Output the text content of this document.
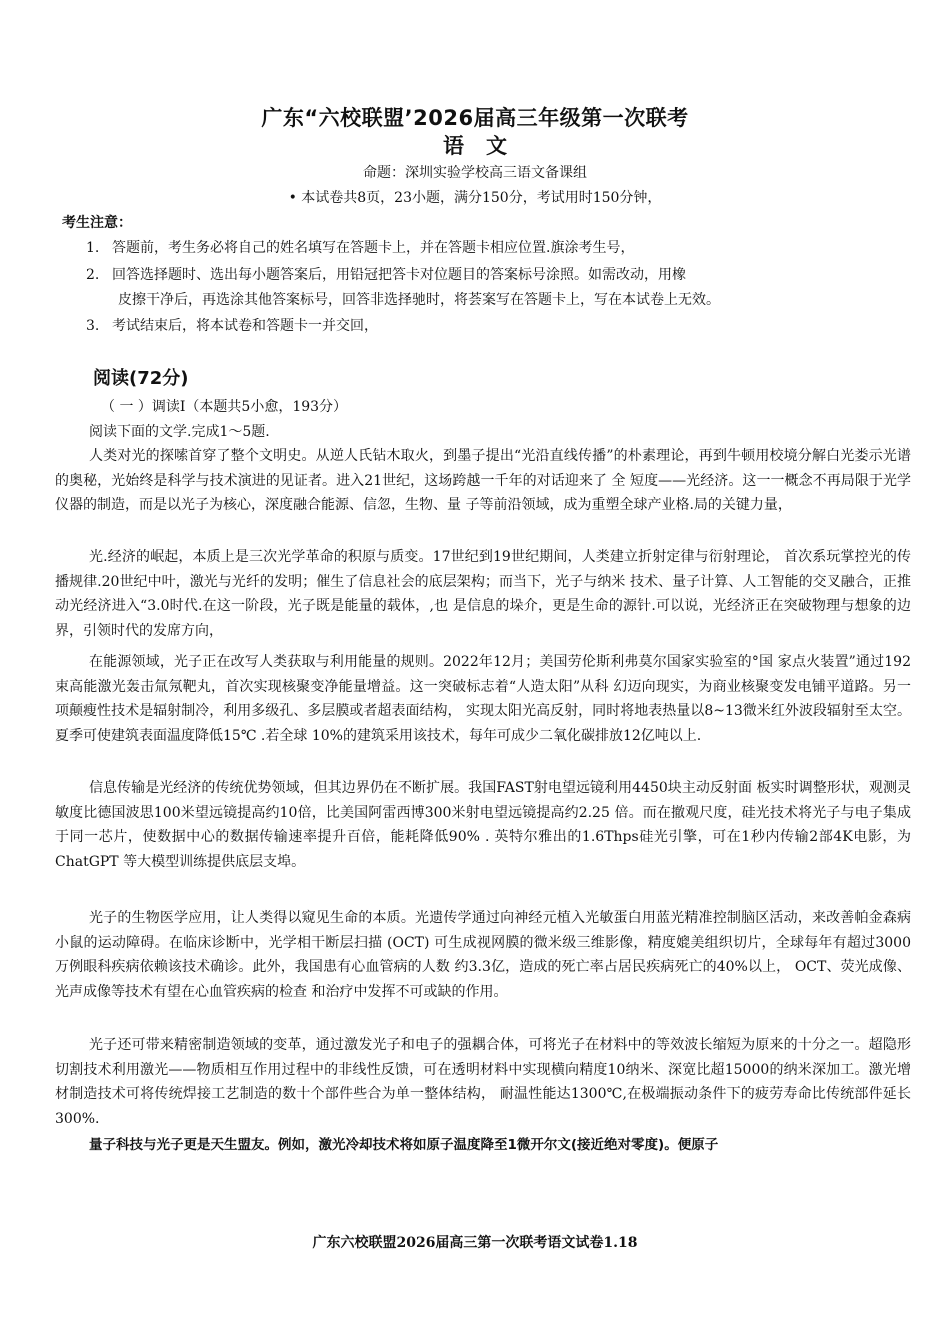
广东“六校联盟’2026届高三年级第一次联考
语文
命题：深圳实验学校高三语文备课组
• 本试卷共8页，23小题，满分150分，考试用时150分钟，
考生注意：
1. 答题前，考生务必将自己的姓名填写在答题卡上，并在答题卡相应位置.旗涂考生号，
2. 回答选择题时、选出每小题答案后，用铅冠把答卡对位题目的答案标号涂照。如需改动，用橡
皮擦干净后，再选涂其他答案标号，回答非选择驰时，将荟案写在答题卡上，写在本试卷上无效。
3. 考试结束后，将本试卷和答题卡一并交回，
阅读(72分)
（ 一 ）调读Ⅰ（本题共5小愈，193分）
阅读下面的文学.完成1～5题.
人类对光的探嗦首穿了整个文明史。从逆人氏钻木取火，到墨子提出“光沿直线传播”的朴素理论，再到牛顿用校境分解白光娄示光谱的奥秘，光始终是科学与技术演进的见证者。进入21世纪，这场跨越一千年的对话迎来了 全 短度——光经济。这一一概念不再局限于光学仪器的制造，而是以光子为核心，深度融合能源、信忽，生物、量 子等前沿领域，成为重塑全球产业格.局的关键力量，
光.经济的岷起，本质上是三次光学革命的积原与质变。17世纪到19世纪期间，人类建立折射定律与衍射理论， 首次系玩掌控光的传播规律.20世纪中叶，激光与光纤的发明；催生了信息社会的底层架构；而当下，光子与纳米 技术、量子计算、人工智能的交叉融合，正推动光经济进入“3.0时代.在这一阶段，光子既是能量的载体，,也 是信息的垛介，更是生命的源针.可以说，光经济正在突破物理与想象的边界，引领时代的发席方向，
在能源领域，光子正在改写人类获取与利用能量的规则。2022年12月；美国劳伦斯利弗莫尔国家实验室的°国 家点火装置”通过192束高能激光轰击氚氖靶丸，首次实现核聚变净能量增益。这一突破标志着“人造太阳”从科 幻迈向现实，为商业核聚变发电铺平道路。另一项颠瘦性技术是辐射制冷，利用多级孔、多层膜或者超表面结构， 实现太阳光高反射，同时将地表热量以8~13微米红外波段辐射至太空。夏季可使建筑表面温度降低15℃ .若全球 10%的建筑采用该技术，每年可成少二氧化碳排放12亿吨以上.
信息传输是光经济的传统优势领域，但其边界仍在不断扩展。我国FAST射电望远镜利用4450块主动反射面 板实时调整形状，观测灵敏度比德国波思100米望远镜提高约10倍，比美国阿雷西博300米射电望远镜提高约2.25 倍。而在撤观尺度，硅光技术将光子与电子集成于同一芯片，使数据中心的数据传输速率提升百倍，能耗降低90% . 英特尔雅出的1.6Thps硅光引擎，可在1秒内传输2部4K电影，为ChatGPT 等大模型训练提供底层支埠。
光子的生物医学应用，让人类得以窥见生命的本质。光遗传学通过向神经元植入光敏蛋白用蓝光精准控制脑区活动，来改善帕金森病小鼠的运动障碍。在临床诊断中，光学相干断层扫描 (OCT) 可生成视网膜的微米级三维影像，精度媲美组织切片，全球每年有超过3000万例眼科疾病依赖该技术确诊。此外，我国患有心血管病的人数 约3.3亿，造成的死亡率占居民疾病死亡的40%以上， OCT、荧光成像、光声成像等技术有望在心血管疾病的检查 和治疗中发挥不可或缺的作用。
光子还可带来精密制造领域的变革，通过激发光子和电子的强耦合体，可将光子在材料中的等效波长缩短为原来的十分之一。超隐形切割技术利用激光——物质相互作用过程中的非线性反馈，可在透明材料中实现横向精度10纳米、深宽比超15000的纳米深加工。激光增材制造技术可将传统焊接工艺制造的数十个部件些合为单一整体结构， 耐温性能达1300℃,在极端振动条件下的疲劳寿命比传统部件延长300%.
量子科技与光子更是天生盟友。例如，激光冷却技术将如原子温度降至1微开尔文(接近绝对零度)。便原子
广东六校联盟2026届高三第一次联考语文试卷1.18
